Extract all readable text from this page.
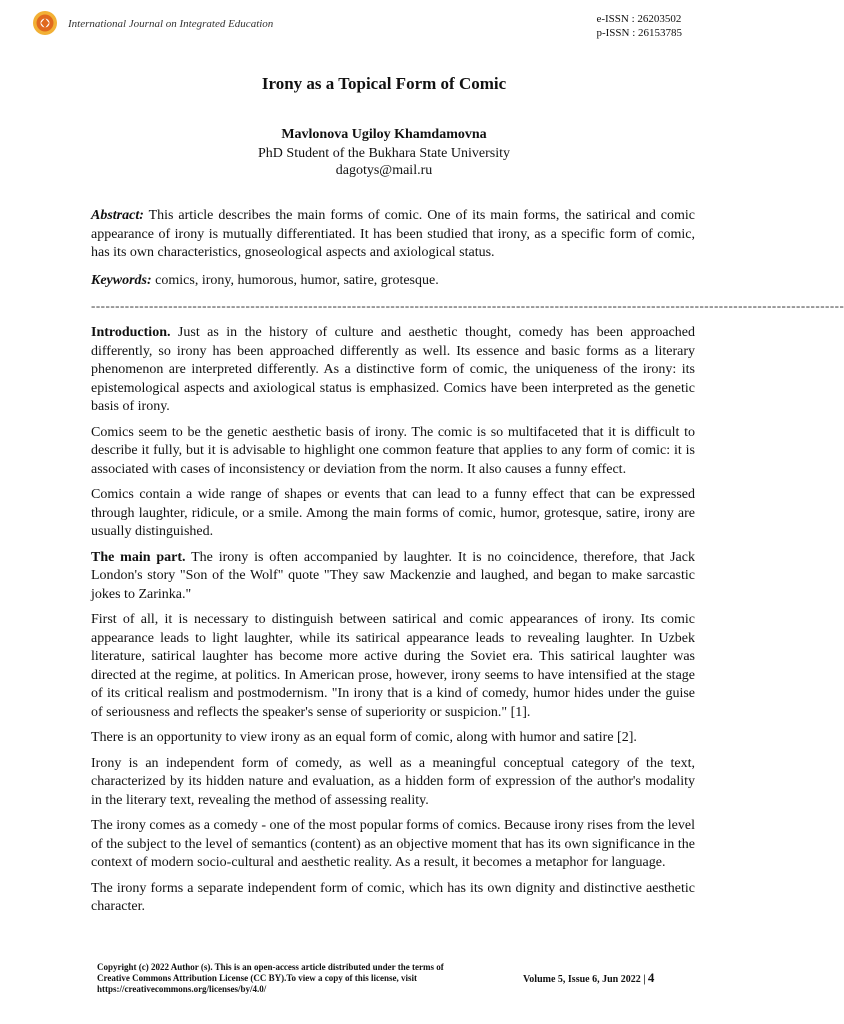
International Journal on Integrated Education	e-ISSN : 26203502
p-ISSN : 26153785
Irony as a Topical Form of Comic
Mavlonova Ugiloy Khamdamovna
PhD Student of the Bukhara State University
dagotys@mail.ru

Abstract: This article describes the main forms of comic. One of its main forms, the satirical and comic appearance of irony is mutually differentiated. It has been studied that irony, as a specific form of comic, has its own characteristics, gnoseological aspects and axiological status.

Keywords: comics, irony, humorous, humor, satire, grotesque.

------------------------------------------------------------------------------------------------------------------------------------------------------------

Introduction. Just as in the history of culture and aesthetic thought, comedy has been approached differently, so irony has been approached differently as well. Its essence and basic forms as a literary phenomenon are interpreted differently. As a distinctive form of comic, the uniqueness of the irony: its epistemological aspects and axiological status is emphasized. Comics have been interpreted as the genetic basis of irony.

Comics seem to be the genetic aesthetic basis of irony. The comic is so multifaceted that it is difficult to describe it fully, but it is advisable to highlight one common feature that applies to any form of comic: it is associated with cases of inconsistency or deviation from the norm. It also causes a funny effect.

Comics contain a wide range of shapes or events that can lead to a funny effect that can be expressed through laughter, ridicule, or a smile. Among the main forms of comic, humor, grotesque, satire, irony are usually distinguished.

The main part. The irony is often accompanied by laughter. It is no coincidence, therefore, that Jack London's story "Son of the Wolf" quote "They saw Mackenzie and laughed, and began to make sarcastic jokes to Zarinka."

First of all, it is necessary to distinguish between satirical and comic appearances of irony. Its comic appearance leads to light laughter, while its satirical appearance leads to revealing laughter. In Uzbek literature, satirical laughter has become more active during the Soviet era. This satirical laughter was directed at the regime, at politics. In American prose, however, irony seems to have intensified at the stage of its critical realism and postmodernism. "In irony that is a kind of comedy, humor hides under the guise of seriousness and reflects the speaker's sense of superiority or suspicion." [1].

There is an opportunity to view irony as an equal form of comic, along with humor and satire [2].

Irony is an independent form of comedy, as well as a meaningful conceptual category of the text, characterized by its hidden nature and evaluation, as a hidden form of expression of the author's modality in the literary text, revealing the method of assessing reality.

The irony comes as a comedy - one of the most popular forms of comics. Because irony rises from the level of the subject to the level of semantics (content) as an objective moment that has its own significance in the context of modern socio-cultural and aesthetic reality. As a result, it becomes a metaphor for language.

The irony forms a separate independent form of comic, which has its own dignity and distinctive aesthetic character.

Copyright (c) 2022 Author (s). This is an open-access article distributed under the terms of Creative Commons Attribution License (CC BY).To view a copy of this license, visit https://creativecommons.org/licenses/by/4.0/
Volume 5, Issue 6, Jun 2022 | 4
